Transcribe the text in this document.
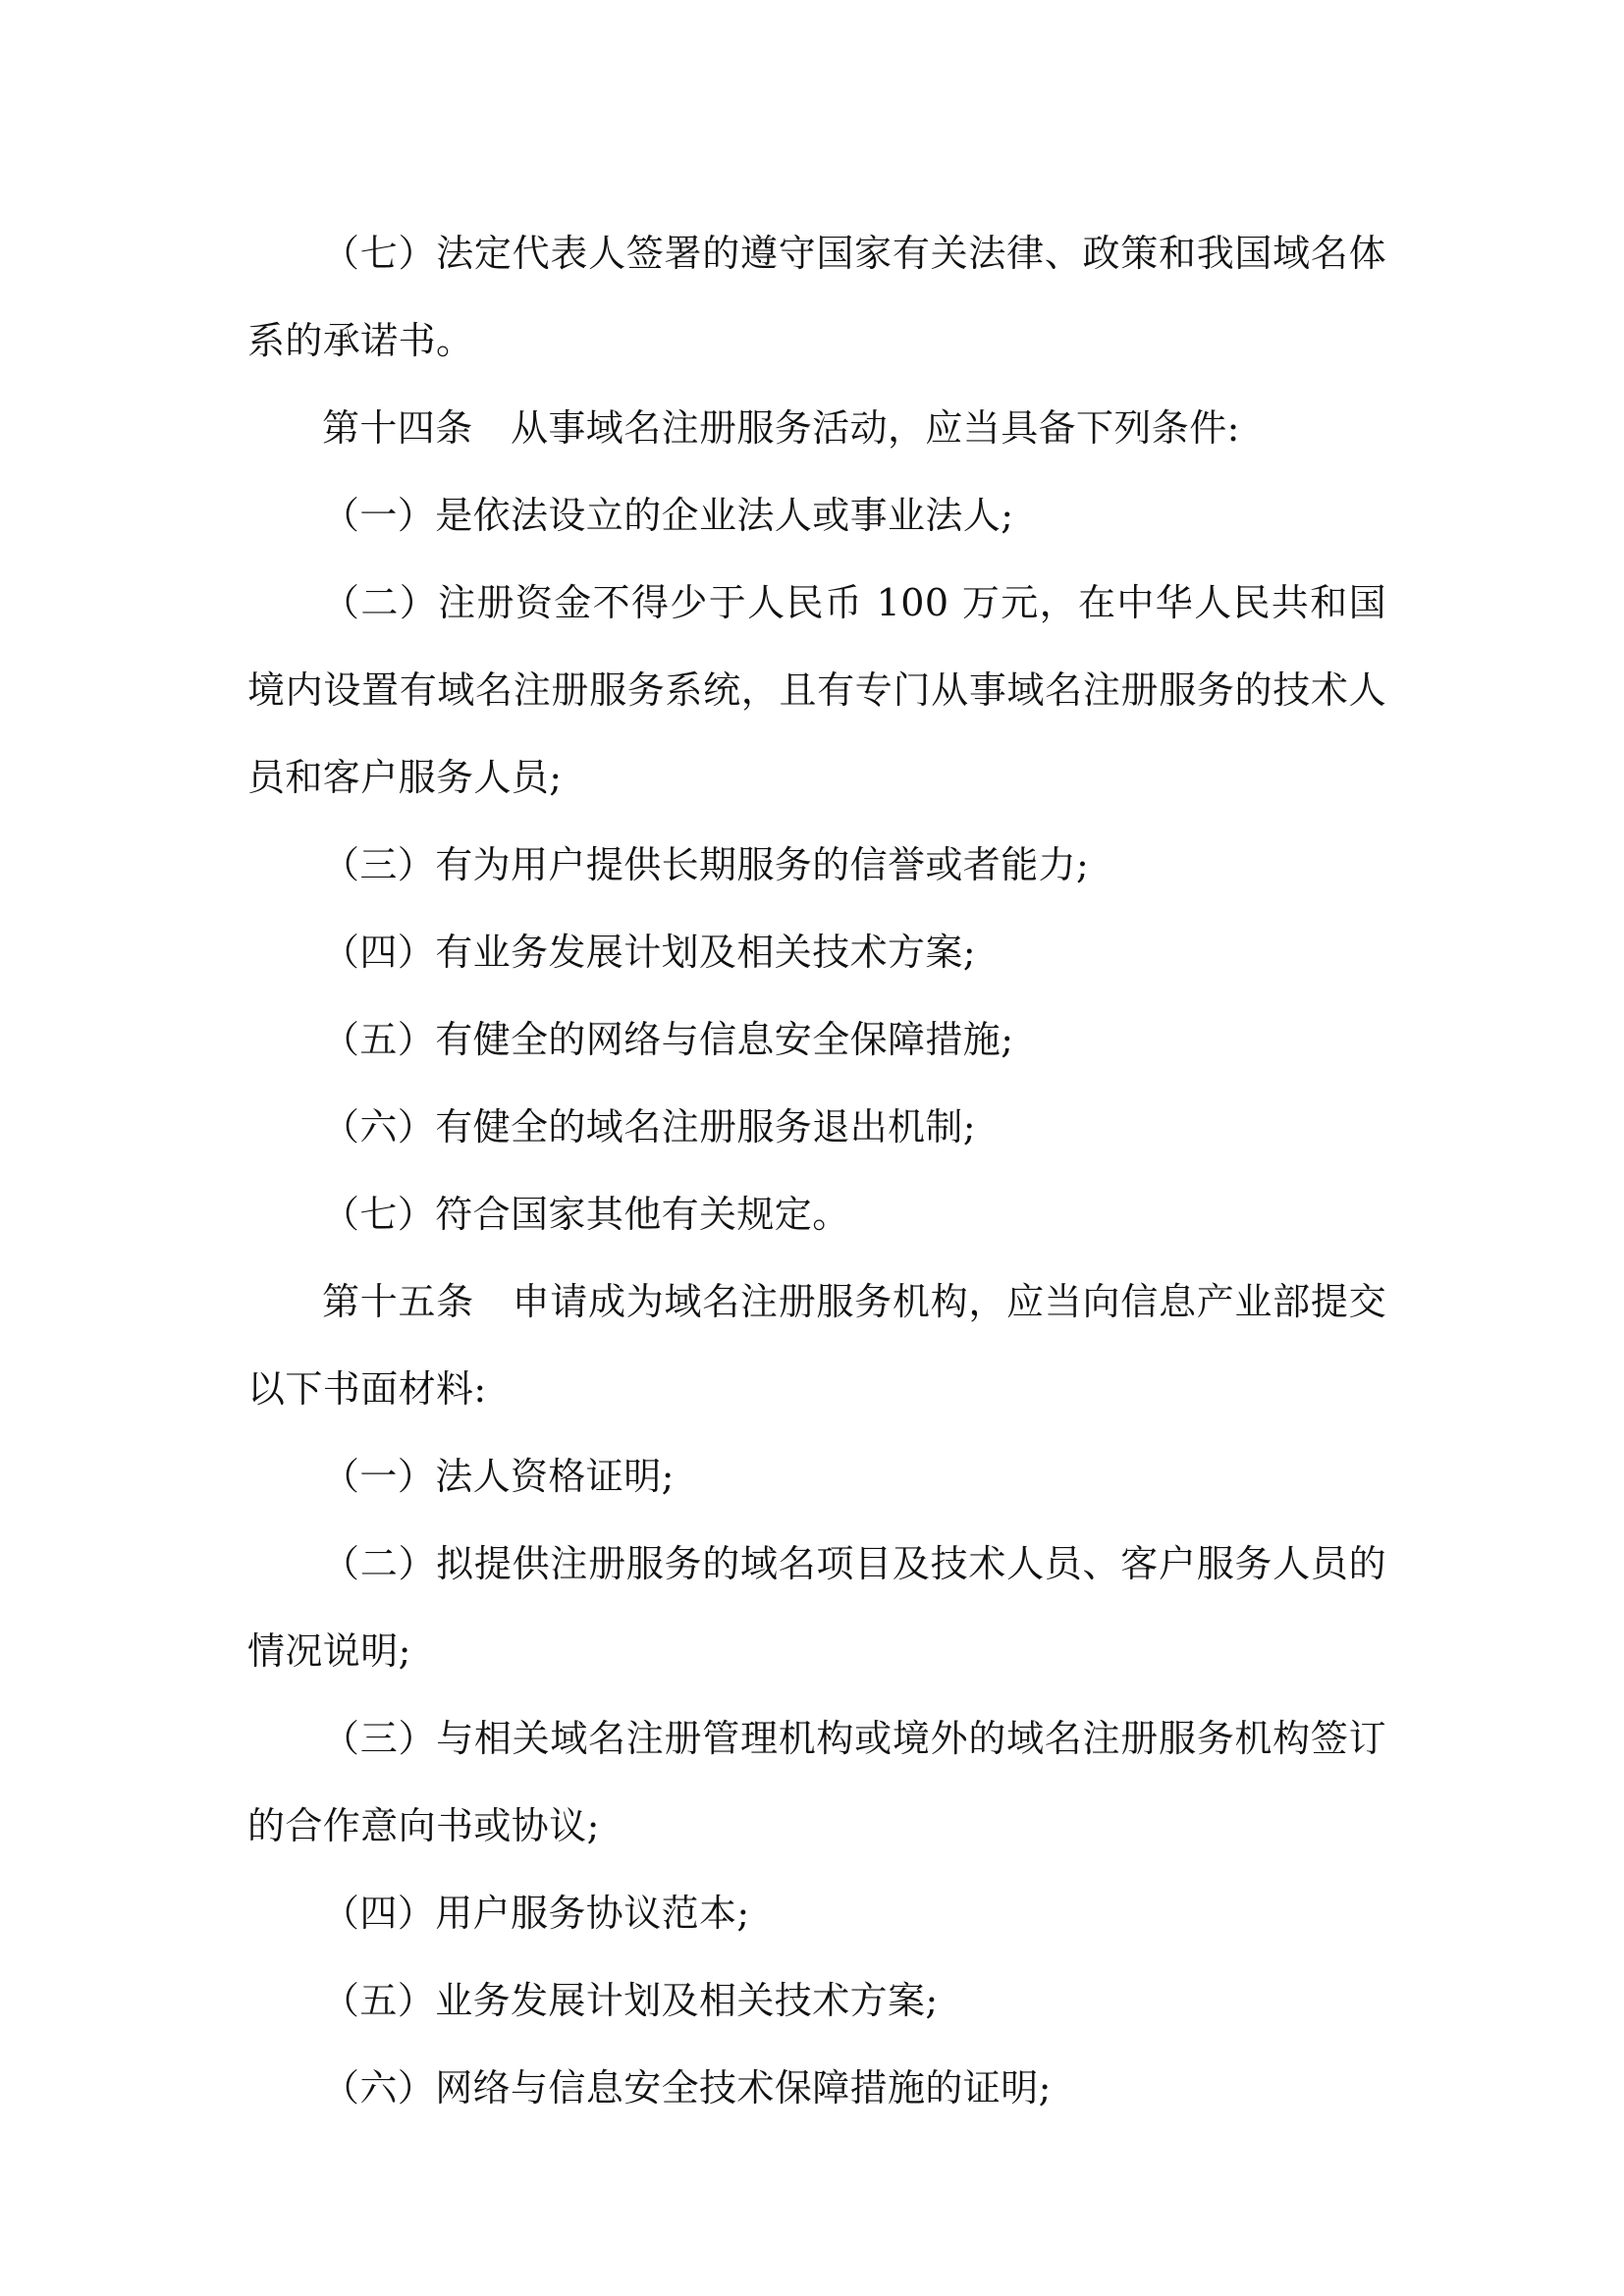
（七）法定代表人签署的遵守国家有关法律、政策和我国域名体系的承诺书。

第十四条　从事域名注册服务活动，应当具备下列条件:

（一）是依法设立的企业法人或事业法人;

（二）注册资金不得少于人民币 100 万元，在中华人民共和国境内设置有域名注册服务系统，且有专门从事域名注册服务的技术人员和客户服务人员;

（三）有为用户提供长期服务的信誉或者能力;

（四）有业务发展计划及相关技术方案;

（五）有健全的网络与信息安全保障措施;

（六）有健全的域名注册服务退出机制;

（七）符合国家其他有关规定。

第十五条　申请成为域名注册服务机构，应当向信息产业部提交以下书面材料:

（一）法人资格证明;

（二）拟提供注册服务的域名项目及技术人员、客户服务人员的情况说明;

（三）与相关域名注册管理机构或境外的域名注册服务机构签订的合作意向书或协议;

（四）用户服务协议范本;

（五）业务发展计划及相关技术方案;

（六）网络与信息安全技术保障措施的证明;
